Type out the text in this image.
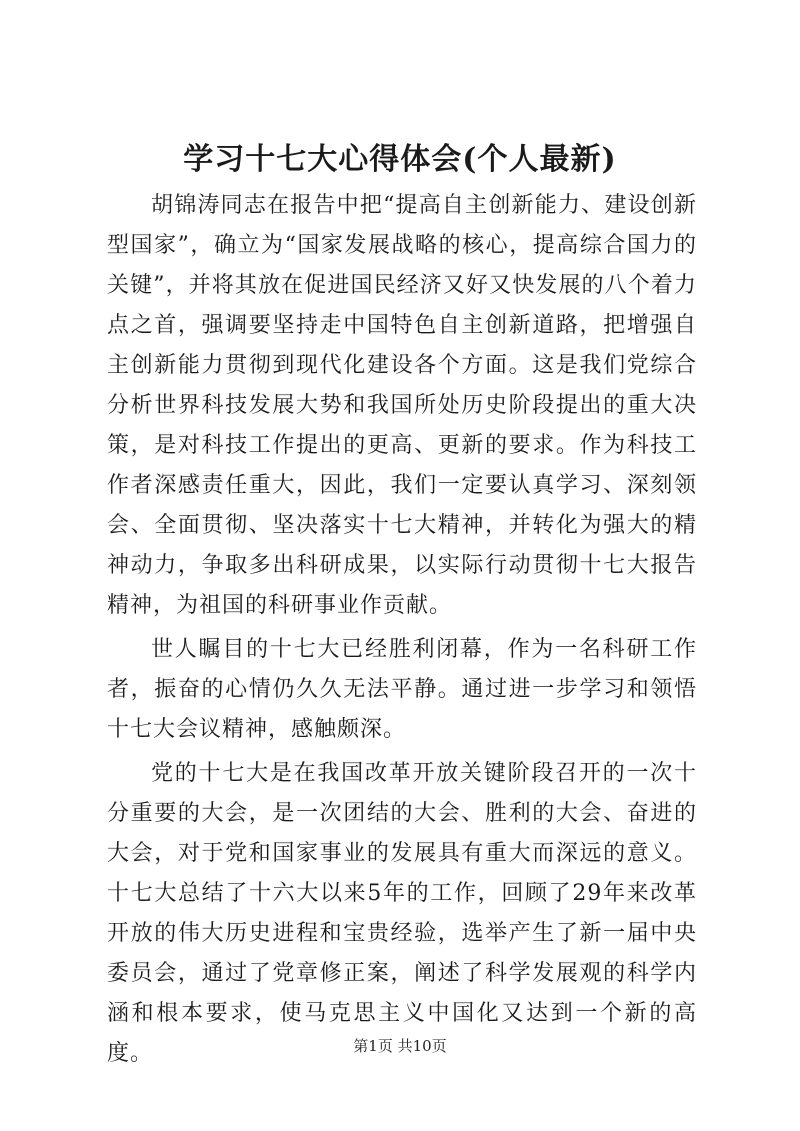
学习十七大心得体会(个人最新)

胡锦涛同志在报告中把“提高自主创新能力、建设创新型国家”，确立为“国家发展战略的核心，提高综合国力的关键”，并将其放在促进国民经济又好又快发展的八个着力点之首，强调要坚持走中国特色自主创新道路，把增强自主创新能力贯彻到现代化建设各个方面。这是我们党综合分析世界科技发展大势和我国所处历史阶段提出的重大决策，是对科技工作提出的更高、更新的要求。作为科技工作者深感责任重大，因此，我们一定要认真学习、深刻领会、全面贯彻、坚决落实十七大精神，并转化为强大的精神动力，争取多出科研成果，以实际行动贯彻十七大报告精神，为祖国的科研事业作贡献。

世人瞩目的十七大已经胜利闭幕，作为一名科研工作者，振奋的心情仍久久无法平静。通过进一步学习和领悟十七大会议精神，感触颇深。

党的十七大是在我国改革开放关键阶段召开的一次十分重要的大会，是一次团结的大会、胜利的大会、奋进的大会，对于党和国家事业的发展具有重大而深远的意义。十七大总结了十六大以来5年的工作，回顾了29年来改革开放的伟大历史进程和宝贵经验，选举产生了新一届中央委员会，通过了党章修正案，阐述了科学发展观的科学内涵和根本要求，使马克思主义中国化又达到一个新的高度。	第1页 共10页
